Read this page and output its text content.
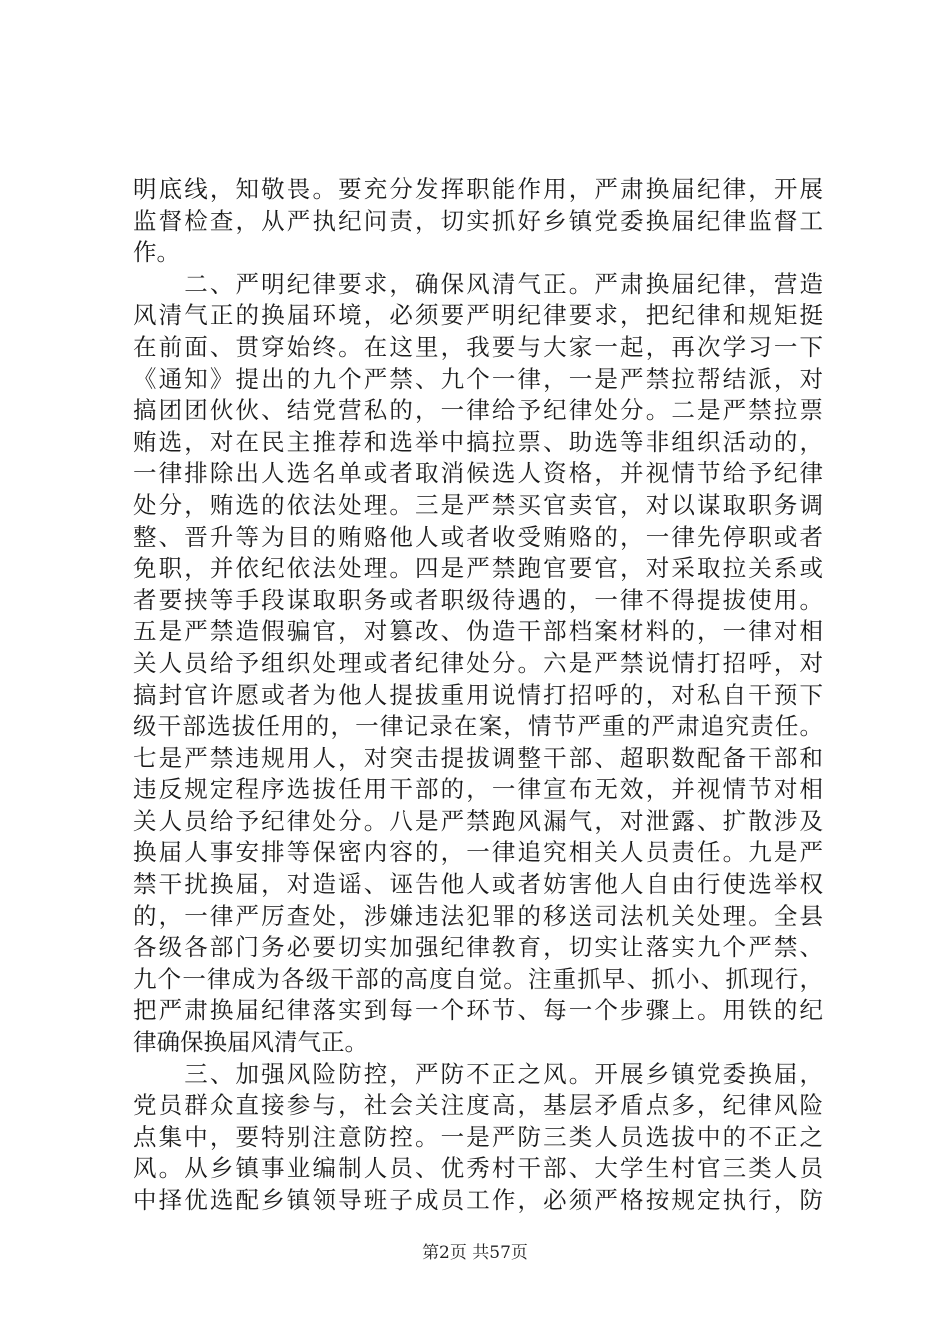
明底线，知敬畏。要充分发挥职能作用，严肃换届纪律，开展
监督检查，从严执纪问责，切实抓好乡镇党委换届纪律监督工
作。
　　二、严明纪律要求，确保风清气正。严肃换届纪律，营造
风清气正的换届环境，必须要严明纪律要求，把纪律和规矩挺
在前面、贯穿始终。在这里，我要与大家一起，再次学习一下
《通知》提出的九个严禁、九个一律，一是严禁拉帮结派，对
搞团团伙伙、结党营私的，一律给予纪律处分。二是严禁拉票
贿选，对在民主推荐和选举中搞拉票、助选等非组织活动的，
一律排除出人选名单或者取消候选人资格，并视情节给予纪律
处分，贿选的依法处理。三是严禁买官卖官，对以谋取职务调
整、晋升等为目的贿赂他人或者收受贿赂的，一律先停职或者
免职，并依纪依法处理。四是严禁跑官要官，对采取拉关系或
者要挟等手段谋取职务或者职级待遇的，一律不得提拔使用。
五是严禁造假骗官，对篡改、伪造干部档案材料的，一律对相
关人员给予组织处理或者纪律处分。六是严禁说情打招呼，对
搞封官许愿或者为他人提拔重用说情打招呼的，对私自干预下
级干部选拔任用的，一律记录在案，情节严重的严肃追究责任。
七是严禁违规用人，对突击提拔调整干部、超职数配备干部和
违反规定程序选拔任用干部的，一律宣布无效，并视情节对相
关人员给予纪律处分。八是严禁跑风漏气，对泄露、扩散涉及
换届人事安排等保密内容的，一律追究相关人员责任。九是严
禁干扰换届，对造谣、诬告他人或者妨害他人自由行使选举权
的，一律严厉查处，涉嫌违法犯罪的移送司法机关处理。全县
各级各部门务必要切实加强纪律教育，切实让落实九个严禁、
九个一律成为各级干部的高度自觉。注重抓早、抓小、抓现行，
把严肃换届纪律落实到每一个环节、每一个步骤上。用铁的纪
律确保换届风清气正。
　　三、加强风险防控，严防不正之风。开展乡镇党委换届，
党员群众直接参与，社会关注度高，基层矛盾点多，纪律风险
点集中，要特别注意防控。一是严防三类人员选拔中的不正之
风。从乡镇事业编制人员、优秀村干部、大学生村官三类人员
中择优选配乡镇领导班子成员工作，必须严格按规定执行，防
第2页 共57页
